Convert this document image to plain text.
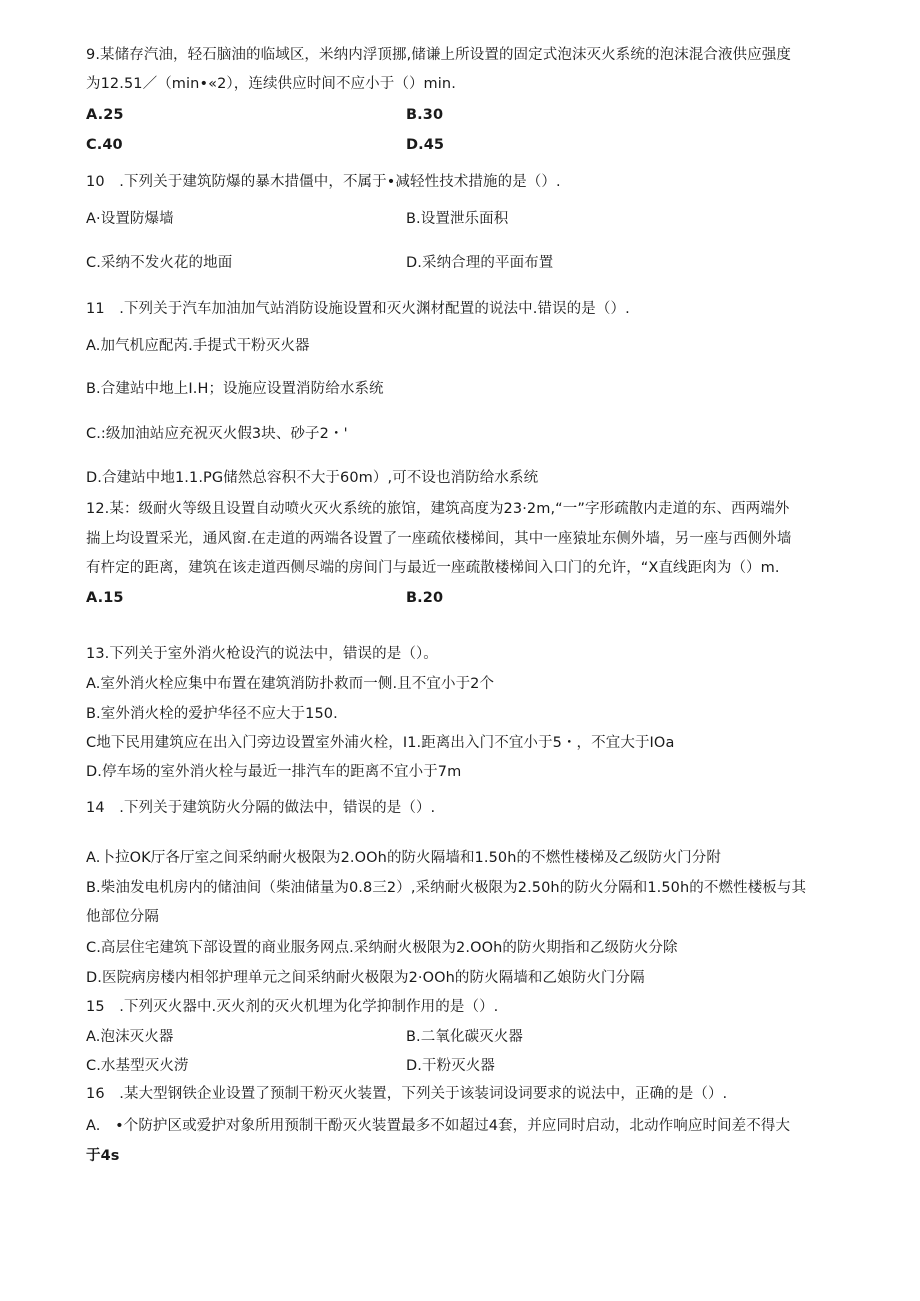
9.某储存汽油，轻石脑油的临域区，米纳内浮顶挪,储谦上所设置的固定式泡沫灭火系统的泡沫混合液供应强度
为12.51／（min•«2），连续供应时间不应小于（）min.
A.25	B.30
C.40	D.45
10　.下列关于建筑防爆的暴木措僵中，不属于•减轻性技术措施的是（）.
A·设置防爆墙	B.设置泄乐面积
C.采纳不发火花的地面	D.采纳合理的平面布置
11　.下列关于汽车加油加气站消防设施设置和灭火渊材配置的说法中.错误的是（）.
A.加气机应配芮.手提式干粉灭火器
B.合建站中地上I.H；设施应设置消防给水系统
C.:级加油站应充祝灭火假3块、砂子2・'
D.合建站中地1.1.PG储然总容积不大于60m）,可不设也消防给水系统
12.某：级耐火等级且设置自动喷火灭火系统的旅馆，建筑高度为23·2m,“一”字形疏散内走道的东、西两端外
揣上均设置采光，通风窗.在走道的两端各设置了一座疏依楼梯间，其中一座猿址东侧外墙，另一座与西侧外墙
有杵定的距离，建筑在该走道西侧尽端的房间门与最近一座疏散楼梯间入口门的允许，“X直线距肉为（）m.
A.15	B.20
13.下列关于室外消火枪设汽的说法中，错误的是（）。
A.室外消火栓应集中布置在建筑消防扑救而一侧.且不宜小于2个
B.室外消火栓的爱护华径不应大于150.
C地下民用建筑应在出入门旁边设置室外浦火栓，I1.距离出入门不宜小于5・，不宜大于IOa
D.停车场的室外消火栓与最近一排汽车的距离不宜小于7m
14　.下列关于建筑防火分隔的做法中，错误的是（）.
A.卜拉OK厅各厅室之间采纳耐火极限为2.OOh的防火隔墙和1.50h的不燃性楼梯及乙级防火门分附
B.柴油发电机房内的储油间（柴油储量为0.8三2）,采纳耐火极限为2.50h的防火分隔和1.50h的不燃性楼板与其
他部位分隔
C.高层住宅建筑下部设置的商业服务网点.采纳耐火极限为2.OOh的防火期指和乙级防火分除
D.医院病房楼内相邻护理单元之间采纳耐火极限为2·OOh的防火隔墙和乙娘防火门分隔
15　.下列灭火器中.灭火剂的灭火机埋为化学抑制作用的是（）.
A.泡沫灭火器	B.二氧化碳灭火器
C.水基型灭火涝	D.干粉灭火器
16　.某大型钢铁企业设置了预制干粉灭火装置，下列关于该装词设词要求的说法中，正确的是（）.
A.　•个防护区或爱护对象所用预制干酚灭火装置最多不如超过4套，并应同时启动，北动作响应时间差不得大
于4s
